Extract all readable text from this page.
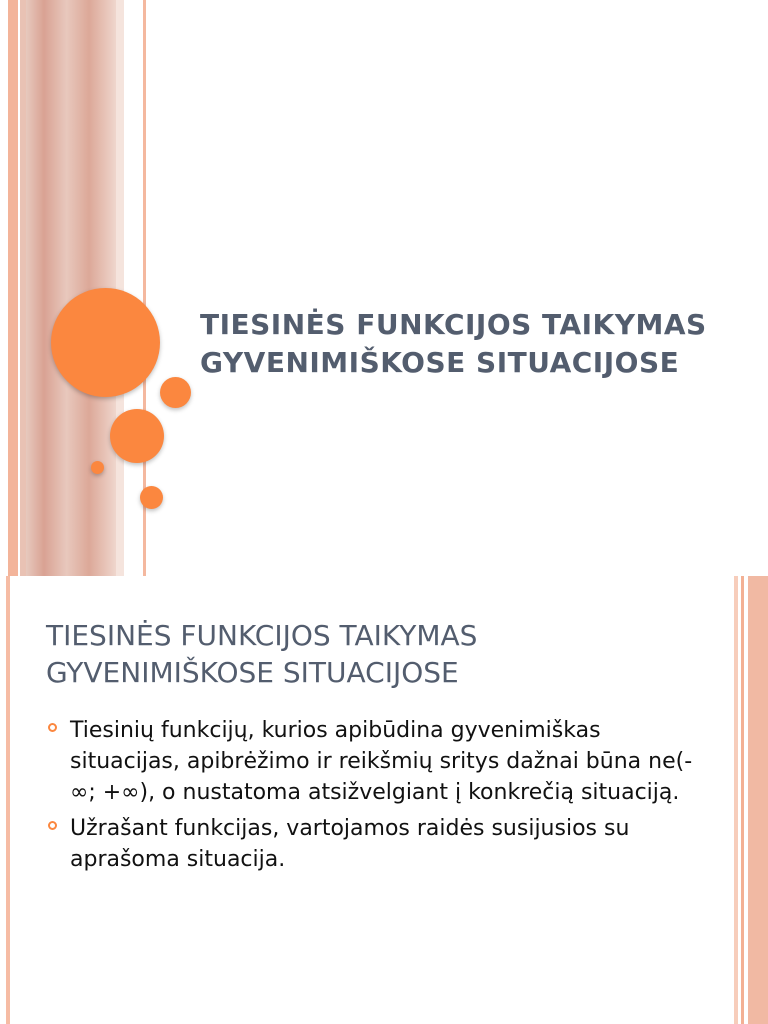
TIESINĖS FUNKCIJOS TAIKYMAS GYVENIMIŠKOSE SITUACIJOSE
TIESINĖS FUNKCIJOS TAIKYMAS GYVENIMIŠKOSE SITUACIJOSE
Tiesinių funkcijų, kurios apibūdina gyvenimiškas situacijas, apibrėžimo ir reikšmių sritys dažnai būna ne(-∞; +∞), o nustatoma atsižvelgiant į konkrečią situaciją.
Užrašant funkcijas, vartojamos raidės susijusios su aprašoma situacija.
